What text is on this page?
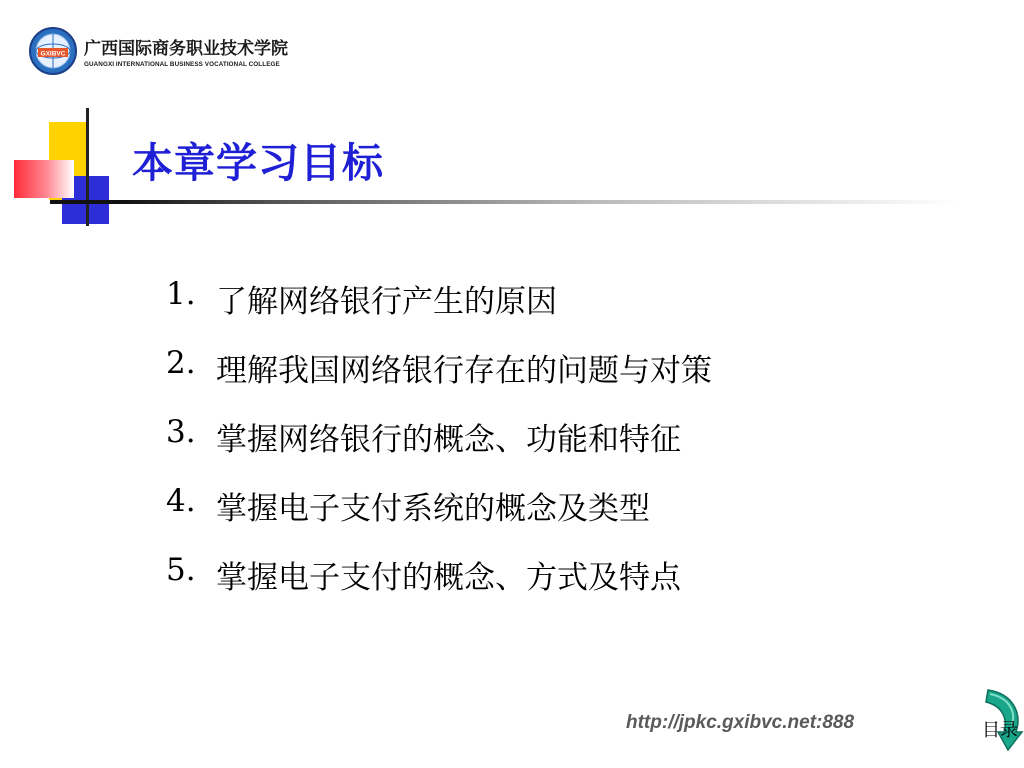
GXIBVC 广西国际商务职业技术学院
GUANGXI INTERNATIONAL BUSINESS VOCATIONAL COLLEGE
本章学习目标
1. 了解网络银行产生的原因
2. 理解我国网络银行存在的问题与对策
3. 掌握网络银行的概念、功能和特征
4. 掌握电子支付系统的概念及类型
5. 掌握电子支付的概念、方式及特点
http://jpkc.gxibvc.net:888	目录
